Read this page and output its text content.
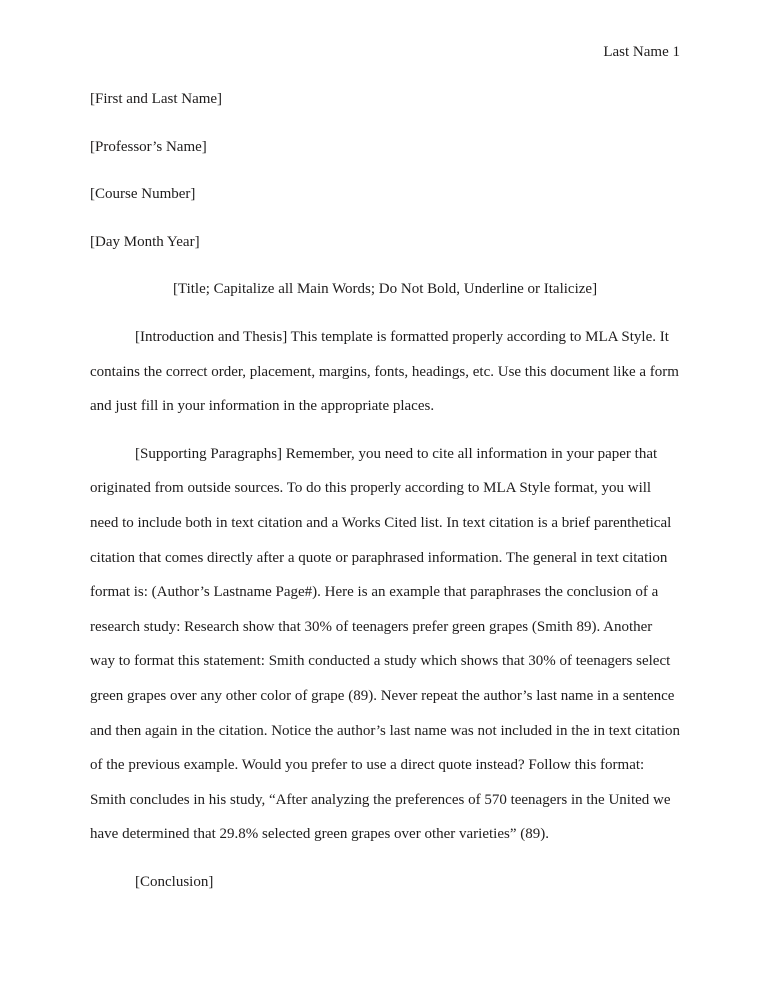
Last Name 1

[First and Last Name]

[Professor’s Name]

[Course Number]

[Day Month Year]

[Title; Capitalize all Main Words; Do Not Bold, Underline or Italicize]

[Introduction and Thesis] This template is formatted properly according to MLA Style. It contains the correct order, placement, margins, fonts, headings, etc. Use this document like a form and just fill in your information in the appropriate places.

[Supporting Paragraphs] Remember, you need to cite all information in your paper that originated from outside sources. To do this properly according to MLA Style format, you will need to include both in text citation and a Works Cited list. In text citation is a brief parenthetical citation that comes directly after a quote or paraphrased information. The general in text citation format is: (Author’s Lastname Page#). Here is an example that paraphrases the conclusion of a research study: Research show that 30% of teenagers prefer green grapes (Smith 89). Another way to format this statement: Smith conducted a study which shows that 30% of teenagers select green grapes over any other color of grape (89). Never repeat the author’s last name in a sentence and then again in the citation. Notice the author’s last name was not included in the in text citation of the previous example. Would you prefer to use a direct quote instead? Follow this format: Smith concludes in his study, “After analyzing the preferences of 570 teenagers in the United we have determined that 29.8% selected green grapes over other varieties” (89).

[Conclusion]
